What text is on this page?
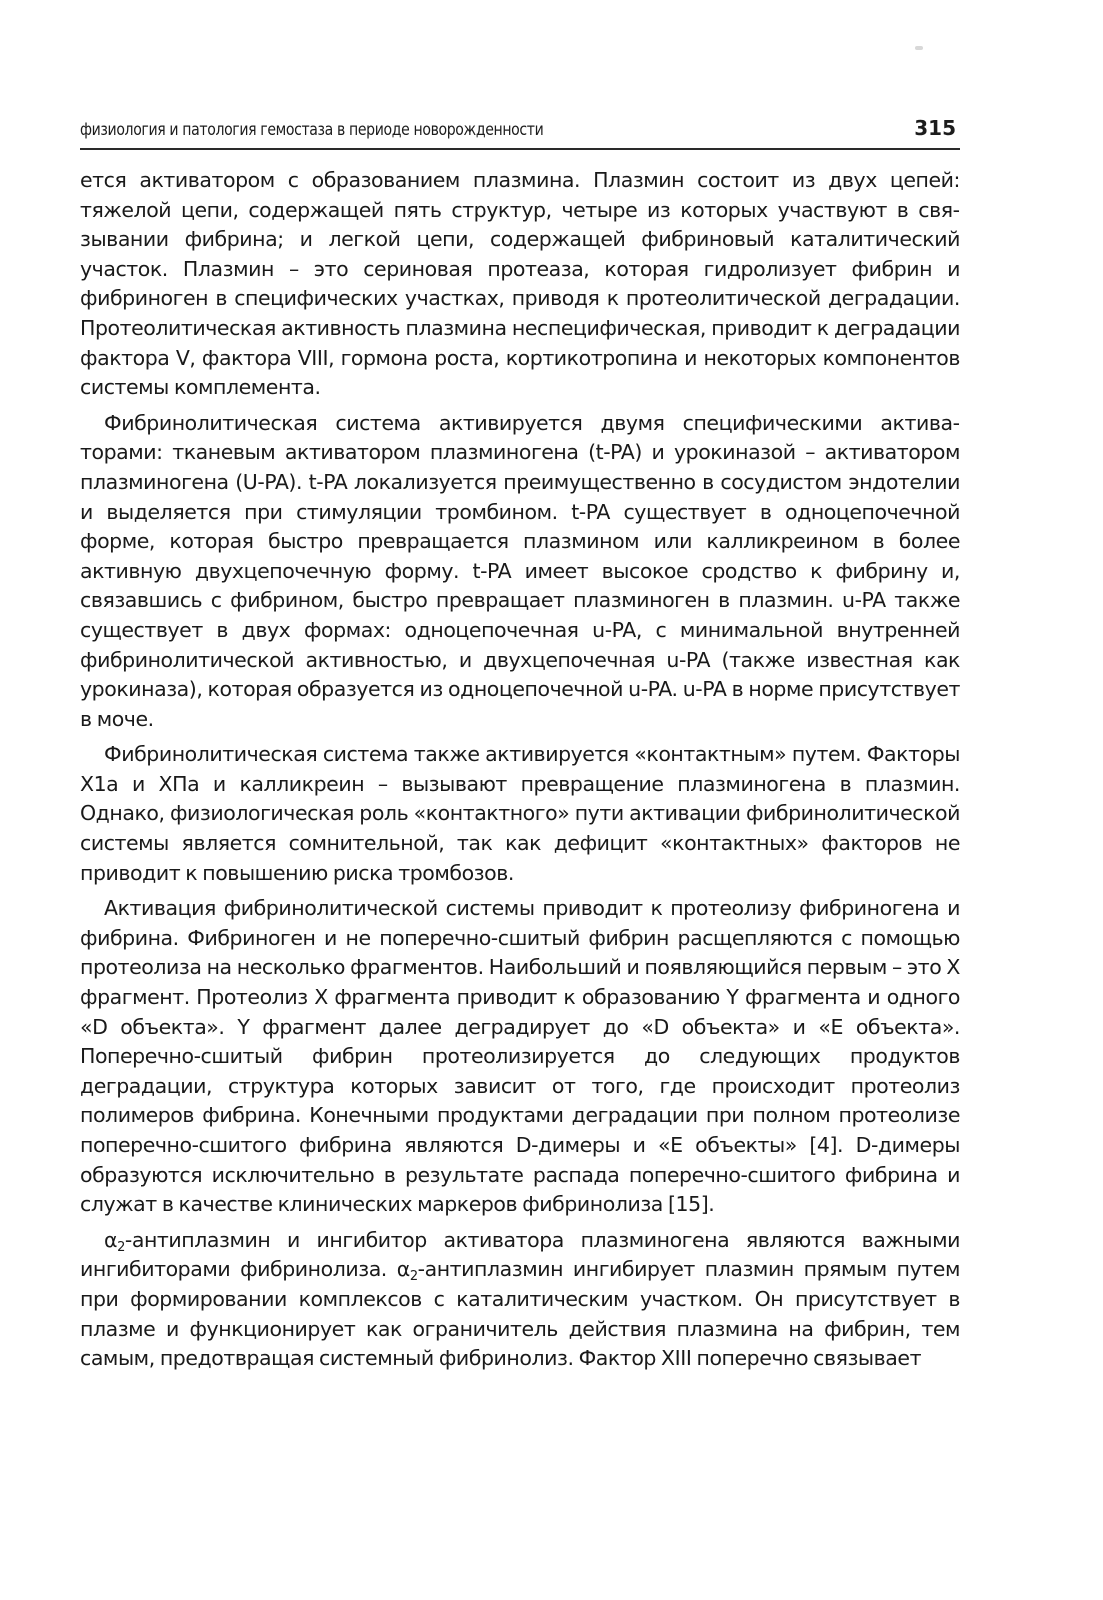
физиология и патология гемостаза в периоде новорожденности	315

ется активатором с образованием плазмина. Плазмин состоит из двух цепей: тяжелой цепи, содержащей пять структур, четыре из которых участвуют в связывании фибрина; и легкой цепи, содержащей фибриновый каталитический участок. Плазмин – это сериновая протеаза, которая гидролизует фибрин и фибриноген в специфических участках, приводя к протеолитической деградации. Протеолитическая активность плазмина неспецифическая, приводит к деградации фактора V, фактора VIII, гормона роста, кортикотропина и некоторых компонентов системы комплемента.

Фибринолитическая система активируется двумя специфическими активаторами: тканевым активатором плазминогена (t-PA) и урокиназой – активатором плазминогена (U-PA). t-PA локализуется преимущественно в сосудистом эндотелии и выделяется при стимуляции тромбином. t-PA существует в одноцепочечной форме, которая быстро превращается плазмином или калликреином в более активную двухцепочечную форму. t-PA имеет высокое сродство к фибрину и, связавшись с фибрином, быстро превращает плазминоген в плазмин. u-PA также существует в двух формах: одноцепочечная u-PA, с минимальной внутренней фибринолитической активностью, и двухцепочечная u-PA (также известная как урокиназа), которая образуется из одноцепочечной u-PA. u-PA в норме присутствует в моче.

Фибринолитическая система также активируется «контактным» путем. Факторы X1a и XПa и калликреин – вызывают превращение плазминогена в плазмин. Однако, физиологическая роль «контактного» пути активации фибринолитической системы является сомнительной, так как дефицит «контактных» факторов не приводит к повышению риска тромбозов.

Активация фибринолитической системы приводит к протеолизу фибриногена и фибрина. Фибриноген и не поперечно-сшитый фибрин расщепляются с помощью протеолиза на несколько фрагментов. Наибольший и появляющийся первым – это X фрагмент. Протеолиз X фрагмента приводит к образованию Y фрагмента и одного «D объекта». Y фрагмент далее деградирует до «D объекта» и «E объекта». Поперечно-сшитый фибрин протеолизируется до следующих продуктов деградации, структура которых зависит от того, где происходит протеолиз полимеров фибрина. Конечными продуктами деградации при полном протеолизе поперечно-сшитого фибрина являются D-димеры и «E объекты» [4]. D-димеры образуются исключительно в результате распада поперечно-сшитого фибрина и служат в качестве клинических маркеров фибринолиза [15].

$\alpha_2$-антиплазмин и ингибитор активатора плазминогена являются важными ингибиторами фибринолиза. $\alpha_2$-антиплазмин ингибирует плазмин прямым путем при формировании комплексов с каталитическим участком. Он присутствует в плазме и функционирует как ограничитель действия плазмина на фибрин, тем самым, предотвращая системный фибринолиз. Фактор XIII поперечно связывает
